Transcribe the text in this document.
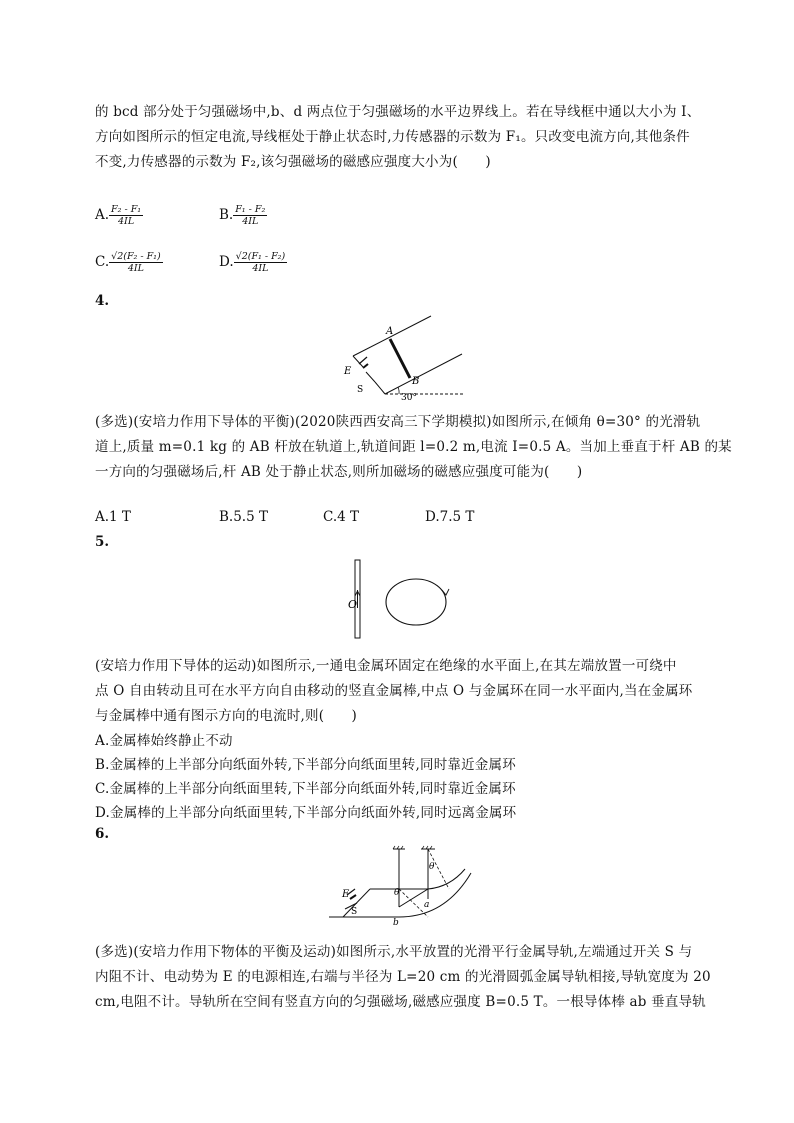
的 bcd 部分处于匀强磁场中,b、d 两点位于匀强磁场的水平边界线上。若在导线框中通以大小为 I、
方向如图所示的恒定电流,导线框处于静止状态时,力传感器的示数为 F₁。只改变电流方向,其他条件
不变,力传感器的示数为 F₂,该匀强磁场的磁感应强度大小为(　　)
A. $\frac{\text{F₂ - F₁}}{4IL}$	B. $\frac{\text{F₁ - F₂}}{4IL}$
C. $\frac{\text{√2(F₂ - F₁)}}{4IL}$	D. $\frac{\text{√2(F₁ - F₂)}}{4IL}$
4.
A
B
E
S
30°
(多选)(安培力作用下导体的平衡)(2020陕西西安高三下学期模拟)如图所示,在倾角 θ=30° 的光滑轨
道上,质量 m=0.1 kg 的 AB 杆放在轨道上,轨道间距 l=0.2 m,电流 I=0.5 A。当加上垂直于杆 AB 的某
一方向的匀强磁场后,杆 AB 处于静止状态,则所加磁场的磁感应强度可能为(　　)
A.1 T	B.5.5 T	C.4 T	D.7.5 T
5.
O
(安培力作用下导体的运动)如图所示,一通电金属环固定在绝缘的水平面上,在其左端放置一可绕中
点 O 自由转动且可在水平方向自由移动的竖直金属棒,中点 O 与金属环在同一水平面内,当在金属环
与金属棒中通有图示方向的电流时,则(　　)
A.金属棒始终静止不动
B.金属棒的上半部分向纸面外转,下半部分向纸面里转,同时靠近金属环
C.金属棒的上半部分向纸面里转,下半部分向纸面外转,同时靠近金属环
D.金属棒的上半部分向纸面里转,下半部分向纸面外转,同时远离金属环
6.
E
S
a
b
θ
θ
(多选)(安培力作用下物体的平衡及运动)如图所示,水平放置的光滑平行金属导轨,左端通过开关 S 与
内阻不计、电动势为 E 的电源相连,右端与半径为 L=20 cm 的光滑圆弧金属导轨相接,导轨宽度为 20
cm,电阻不计。导轨所在空间有竖直方向的匀强磁场,磁感应强度 B=0.5 T。一根导体棒 ab 垂直导轨
